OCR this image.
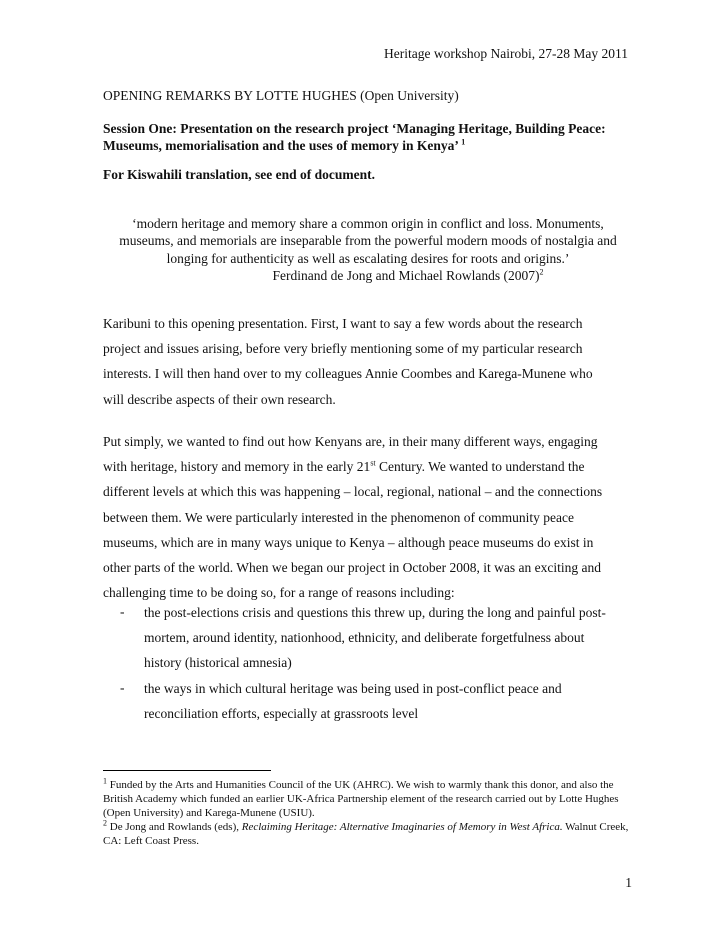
Heritage workshop Nairobi, 27-28 May 2011
OPENING REMARKS BY LOTTE HUGHES (Open University)
Session One: Presentation on the research project ‘Managing Heritage, Building Peace:
Museums, memorialisation and the uses of memory in Kenya’ $^1$
For Kiswahili translation, see end of document.
‘modern heritage and memory share a common origin in conflict and loss. Monuments,
museums, and memorials are inseparable from the powerful modern moods of nostalgia and
longing for authenticity as well as escalating desires for roots and origins.’
Ferdinand de Jong and Michael Rowlands $(2007)^2$
Karibuni to this opening presentation. First, I want to say a few words about the research
project and issues arising, before very briefly mentioning some of my particular research
interests. I will then hand over to my colleagues Annie Coombes and Karega-Munene who
will describe aspects of their own research.
Put simply, we wanted to find out how Kenyans are, in their many different ways, engaging
with heritage, history and memory in the early 21st Century. We wanted to understand the
different levels at which this was happening – local, regional, national – and the connections
between them. We were particularly interested in the phenomenon of community peace
museums, which are in many ways unique to Kenya – although peace museums do exist in
other parts of the world. When we began our project in October 2008, it was an exciting and
challenging time to be doing so, for a range of reasons including:
- the post-elections crisis and questions this threw up, during the long and painful post-
mortem, around identity, nationhood, ethnicity, and deliberate forgetfulness about
history (historical amnesia)
- the ways in which cultural heritage was being used in post-conflict peace and
reconciliation efforts, especially at grassroots level
$^1$ Funded by the Arts and Humanities Council of the UK (AHRC). We wish to warmly thank this donor, and also the British Academy which funded an earlier UK-Africa Partnership element of the research carried out by Lotte Hughes (Open University) and Karega-Munene (USIU).
$^2$ De Jong and Rowlands (eds), Reclaiming Heritage: Alternative Imaginaries of Memory in West Africa. Walnut Creek, CA: Left Coast Press.
1
